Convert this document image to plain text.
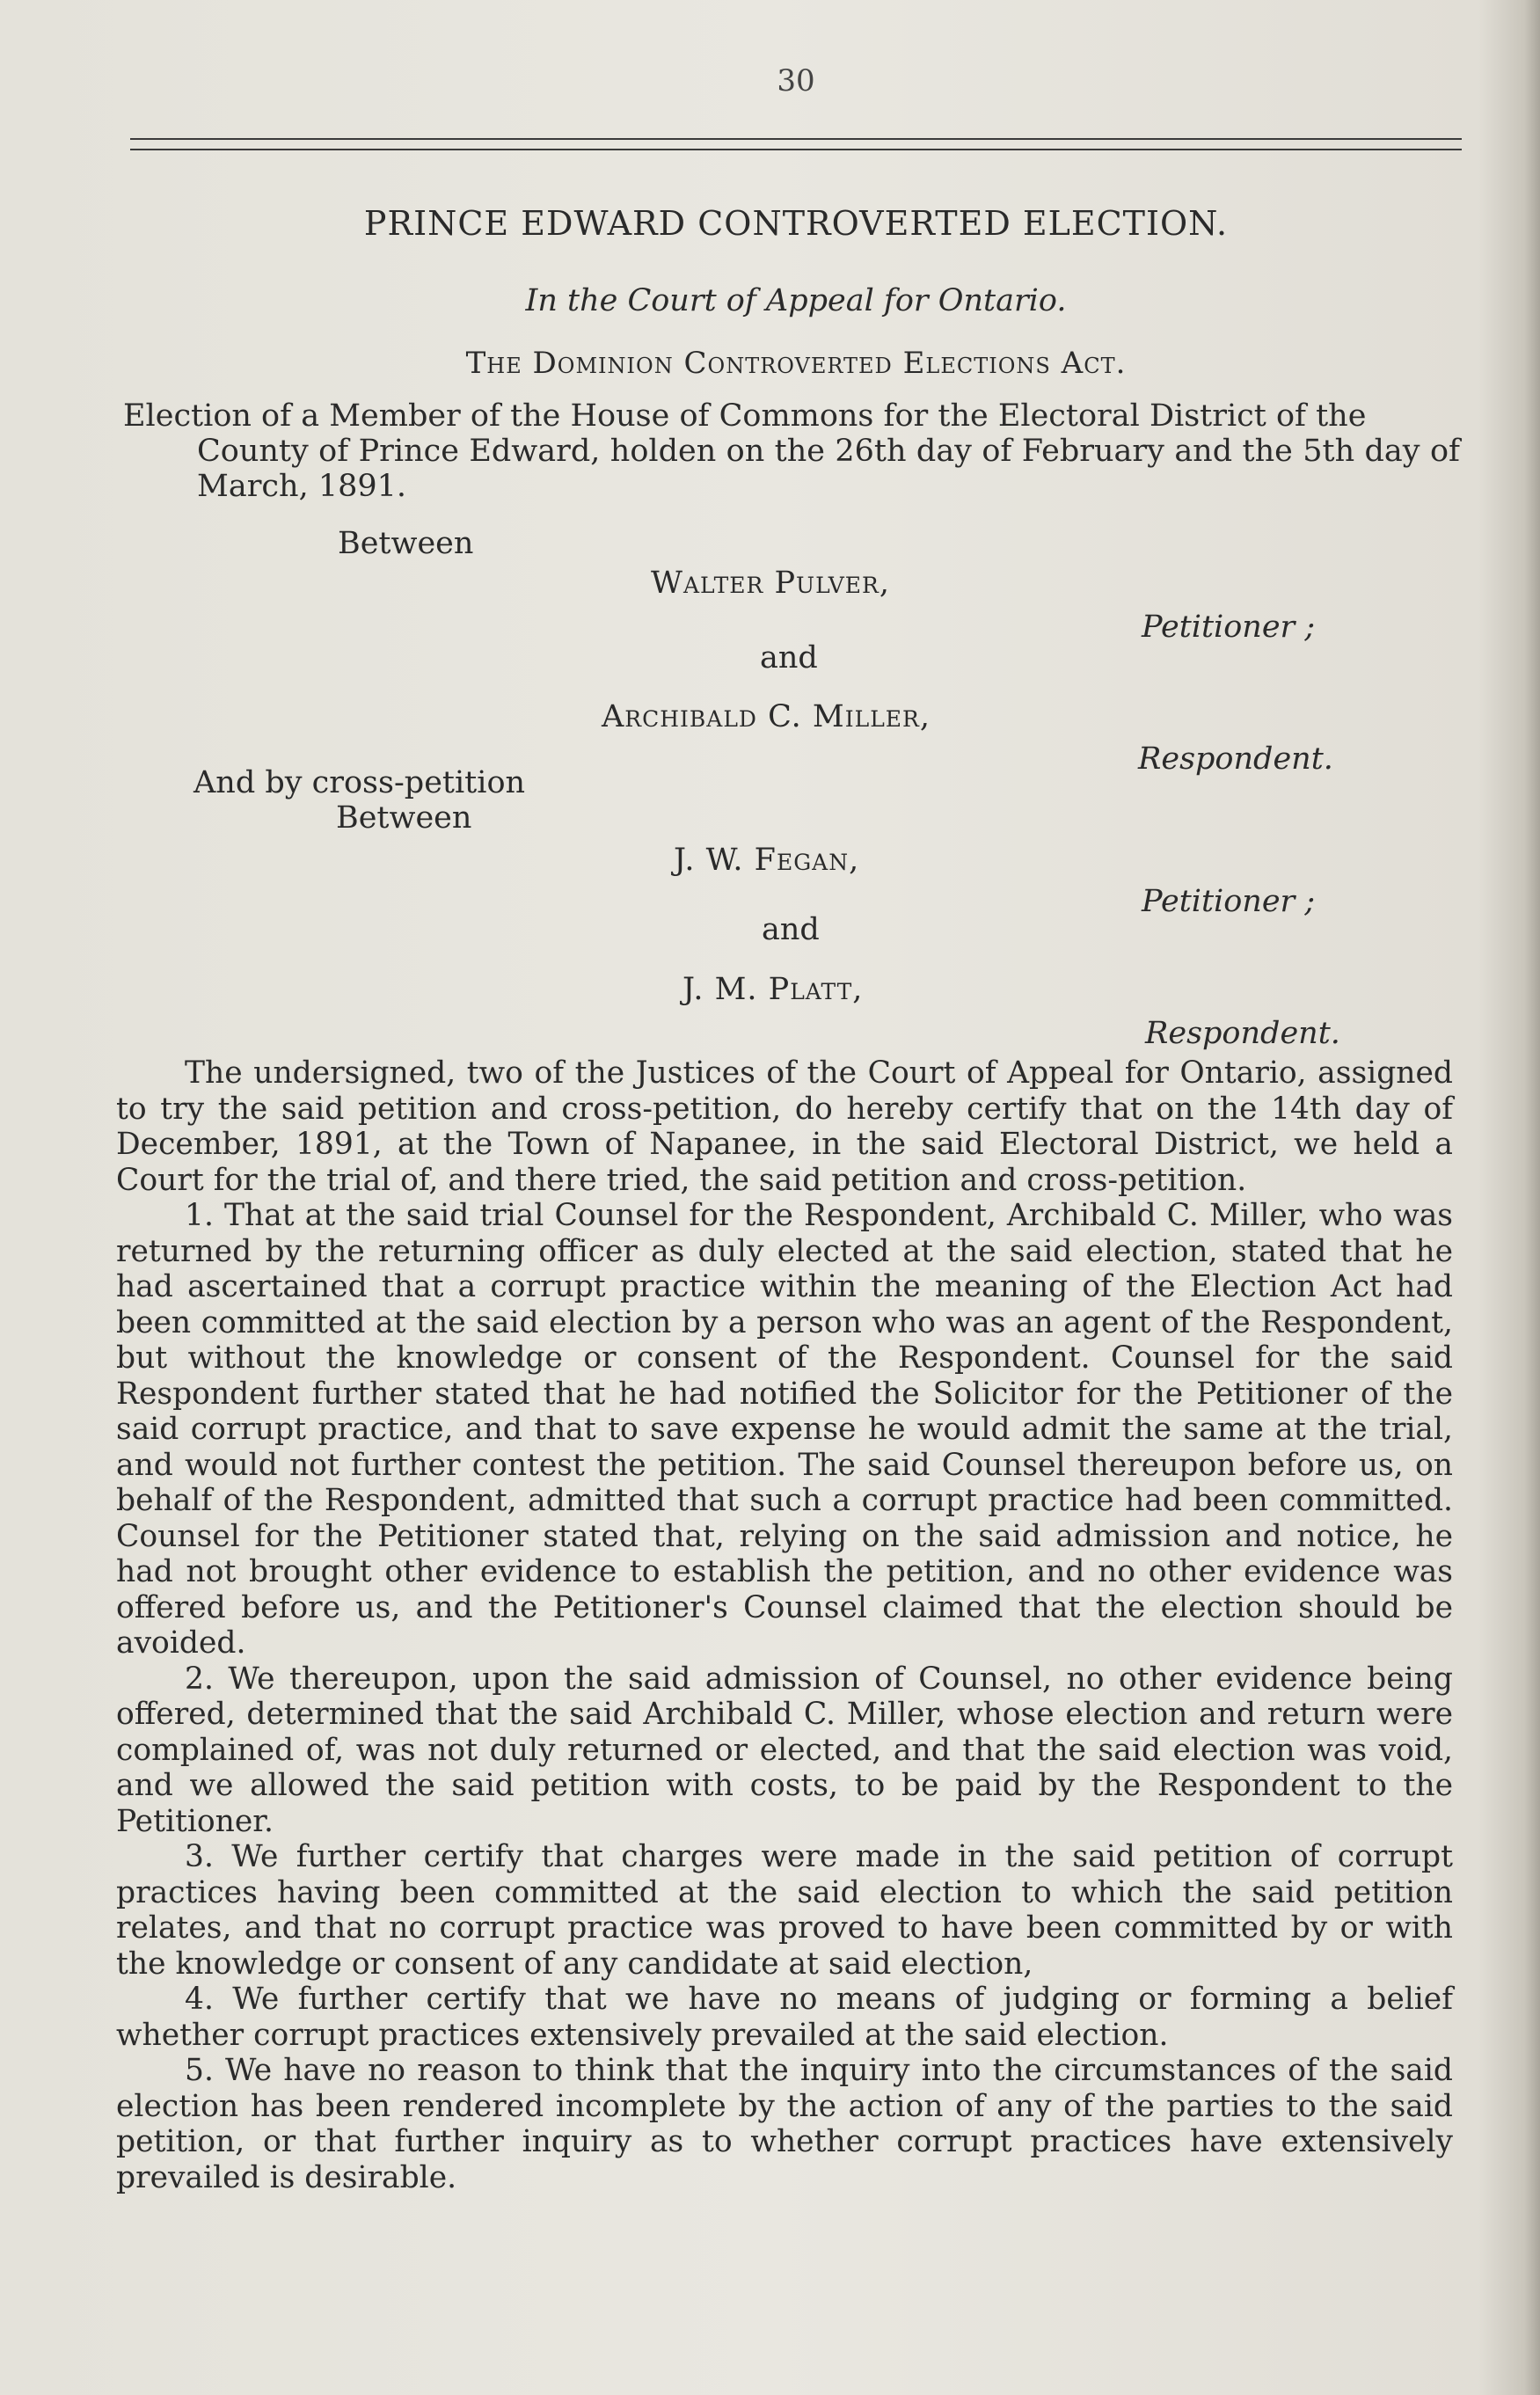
30
PRINCE EDWARD CONTROVERTED ELECTION.
In the Court of Appeal for Ontario.
The Dominion Controverted Elections Act.
Election of a Member of the House of Commons for the Electoral District of the
County of Prince Edward, holden on the 26th day of February and the 5th day of March, 1891.
Between
Walter Pulver,
Petitioner ;
and
Archibald C. Miller,
Respondent.
And by cross-petition
Between
J. W. Fegan,
Petitioner ;
and
J. M. Platt,
Respondent.

The undersigned, two of the Justices of the Court of Appeal for Ontario, assigned to try the said petition and cross-petition, do hereby certify that on the 14th day of December, 1891, at the Town of Napanee, in the said Electoral District, we held a Court for the trial of, and there tried, the said petition and cross-petition.

1. That at the said trial Counsel for the Respondent, Archibald C. Miller, who was returned by the returning officer as duly elected at the said election, stated that he had ascertained that a corrupt practice within the meaning of the Election Act had been committed at the said election by a person who was an agent of the Respondent, but without the knowledge or consent of the Respondent. Counsel for the said Respondent further stated that he had notified the Solicitor for the Petitioner of the said corrupt practice, and that to save expense he would admit the same at the trial, and would not further contest the petition. The said Counsel thereupon before us, on behalf of the Respondent, admitted that such a corrupt practice had been committed. Counsel for the Petitioner stated that, relying on the said admission and notice, he had not brought other evidence to establish the petition, and no other evidence was offered before us, and the Petitioner's Counsel claimed that the election should be avoided.

2. We thereupon, upon the said admission of Counsel, no other evidence being offered, determined that the said Archibald C. Miller, whose election and return were complained of, was not duly returned or elected, and that the said election was void, and we allowed the said petition with costs, to be paid by the Respondent to the Petitioner.

3. We further certify that charges were made in the said petition of corrupt practices having been committed at the said election to which the said petition relates, and that no corrupt practice was proved to have been committed by or with the knowledge or consent of any candidate at said election,

4. We further certify that we have no means of judging or forming a belief whether corrupt practices extensively prevailed at the said election.

5. We have no reason to think that the inquiry into the circumstances of the said election has been rendered incomplete by the action of any of the parties to the said petition, or that further inquiry as to whether corrupt practices have extensively prevailed is desirable.
